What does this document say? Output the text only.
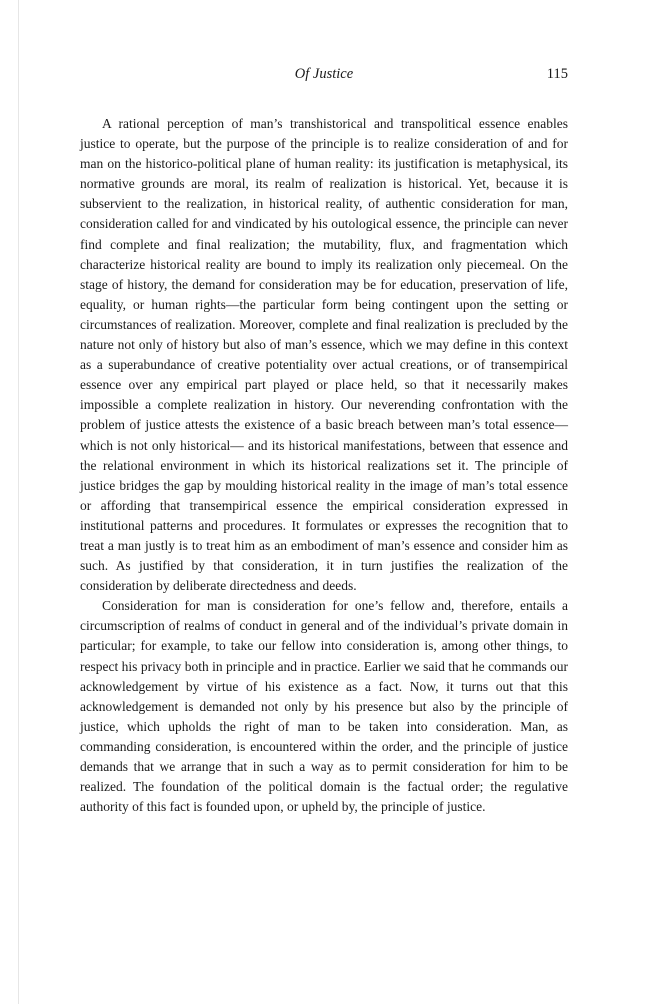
Of Justice	115

A rational perception of man’s transhistorical and transpolitical essence enables justice to operate, but the purpose of the principle is to realize consideration of and for man on the historico-political plane of human reality: its justification is metaphysical, its normative grounds are moral, its realm of realization is historical. Yet, because it is subservient to the realization, in historical reality, of authentic consideration for man, consideration called for and vindicated by his outological essence, the principle can never find complete and final realization; the mutability, flux, and fragmentation which characterize historical reality are bound to imply its realization only piecemeal. On the stage of history, the demand for consideration may be for education, preservation of life, equality, or human rights—the particular form being contingent upon the setting or circumstances of realization. Moreover, complete and final realization is precluded by the nature not only of history but also of man’s essence, which we may define in this context as a superabundance of creative potentiality over actual creations, or of transempirical essence over any empirical part played or place held, so that it necessarily makes impossible a complete realization in history. Our neverending confrontation with the problem of justice attests the existence of a basic breach between man’s total essence—which is not only historical— and its historical manifestations, between that essence and the relational environment in which its historical realizations set it. The principle of justice bridges the gap by moulding historical reality in the image of man’s total essence or affording that transempirical essence the empirical consideration expressed in institutional patterns and procedures. It formulates or expresses the recognition that to treat a man justly is to treat him as an embodiment of man’s essence and consider him as such. As justified by that consideration, it in turn justifies the realization of the consideration by deliberate directedness and deeds.

Consideration for man is consideration for one’s fellow and, therefore, entails a circumscription of realms of conduct in general and of the individual’s private domain in particular; for example, to take our fellow into consideration is, among other things, to respect his privacy both in principle and in practice. Earlier we said that he commands our acknowledgement by virtue of his existence as a fact. Now, it turns out that this acknowledgement is demanded not only by his presence but also by the principle of justice, which upholds the right of man to be taken into consideration. Man, as commanding consideration, is encountered within the order, and the principle of justice demands that we arrange that in such a way as to permit consideration for him to be realized. The foundation of the political domain is the factual order; the regulative authority of this fact is founded upon, or upheld by, the principle of justice.
